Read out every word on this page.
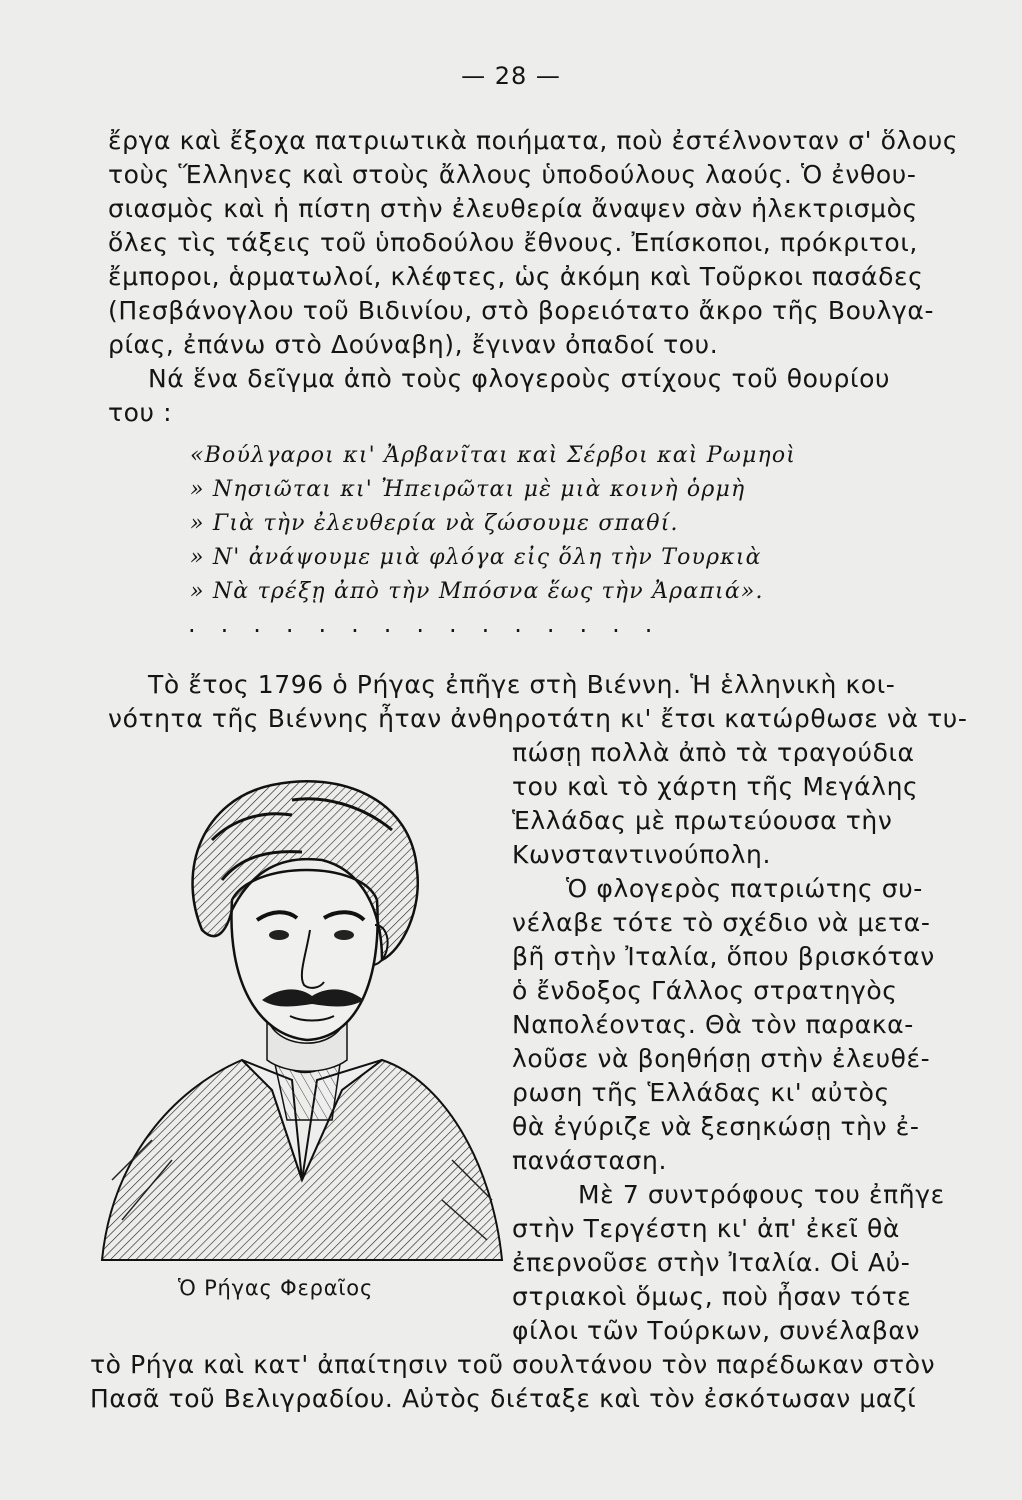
— 28 —
ἔργα καὶ ἔξοχα πατριωτικὰ ποιήματα, ποὺ ἐστέλνονταν σ' ὅλους
τοὺς Ἕλληνες καὶ στοὺς ἄλλους ὑποδούλους λαούς. Ὁ ἐνθου-
σιασμὸς καὶ ἡ πίστη στὴν ἐλευθερία ἄναψεν σὰν ἠλεκτρισμὸς
ὅλες τὶς τάξεις τοῦ ὑποδούλου ἔθνους. Ἐπίσκοποι, πρόκριτοι,
ἔμποροι, ἁρματωλοί, κλέφτες, ὡς ἀκόμη καὶ Τοῦρκοι πασάδες
(Πεσβάνογλου τοῦ Βιδινίου, στὸ βορειότατο ἄκρο τῆς Βουλγα-
ρίας, ἐπάνω στὸ Δούναβη), ἔγιναν ὀπαδοί του.
Νά ἕνα δεῖγμα ἀπὸ τοὺς φλογεροὺς στίχους τοῦ θουρίου
του :
«Βούλγαροι κι' Ἀρβανῖται καὶ Σέρβοι καὶ Ρωμηοὶ
» Νησιῶται κι' Ἠπειρῶται μὲ μιὰ κοινὴ ὁρμὴ
» Γιὰ τὴν ἐλευθερία νὰ ζώσουμε σπαθί.
» Ν' ἀνάψουμε μιὰ φλόγα εἰς ὅλη τὴν Τουρκιὰ
» Νὰ τρέξῃ ἀπὸ τὴν Μπόσνα ἕως τὴν Ἀραπιά».
...............
Τὸ ἔτος 1796 ὁ Ρήγας ἐπῆγε στὴ Βιέννη. Ἡ ἑλληνικὴ κοι-
νότητα τῆς Βιέννης ἦταν ἀνθηροτάτη κι' ἔτσι κατώρθωσε νὰ τυ-
πώσῃ πολλὰ ἀπὸ τὰ τραγούδια
του καὶ τὸ χάρτη τῆς Μεγάλης
Ἑλλάδας μὲ πρωτεύουσα τὴν
Κωνσταντινούπολη.
Ὁ φλογερὸς πατριώτης συ-
νέλαβε τότε τὸ σχέδιο νὰ μετα-
βῆ στὴν Ἰταλία, ὅπου βρισκόταν
ὁ ἔνδοξος Γάλλος στρατηγὸς
Ναπολέοντας. Θὰ τὸν παρακα-
λοῦσε νὰ βοηθήσῃ στὴν ἐλευθέ-
ρωση τῆς Ἑλλάδας κι' αὐτὸς
θὰ ἐγύριζε νὰ ξεσηκώσῃ τὴν ἐ-
πανάσταση.
Μὲ 7 συντρόφους του ἐπῆγε
στὴν Τεργέστη κι' ἀπ' ἐκεῖ θὰ
ἐπερνοῦσε στὴν Ἰταλία. Οἱ Αὐ-
στριακοὶ ὅμως, ποὺ ἦσαν τότε
φίλοι τῶν Τούρκων, συνέλαβαν
τὸ Ρήγα καὶ κατ' ἀπαίτησιν τοῦ σουλτάνου τὸν παρέδωκαν στὸν
Πασᾶ τοῦ Βελιγραδίου. Αὐτὸς διέταξε καὶ τὸν ἐσκότωσαν μαζί
Ὁ Ρήγας Φεραῖος
